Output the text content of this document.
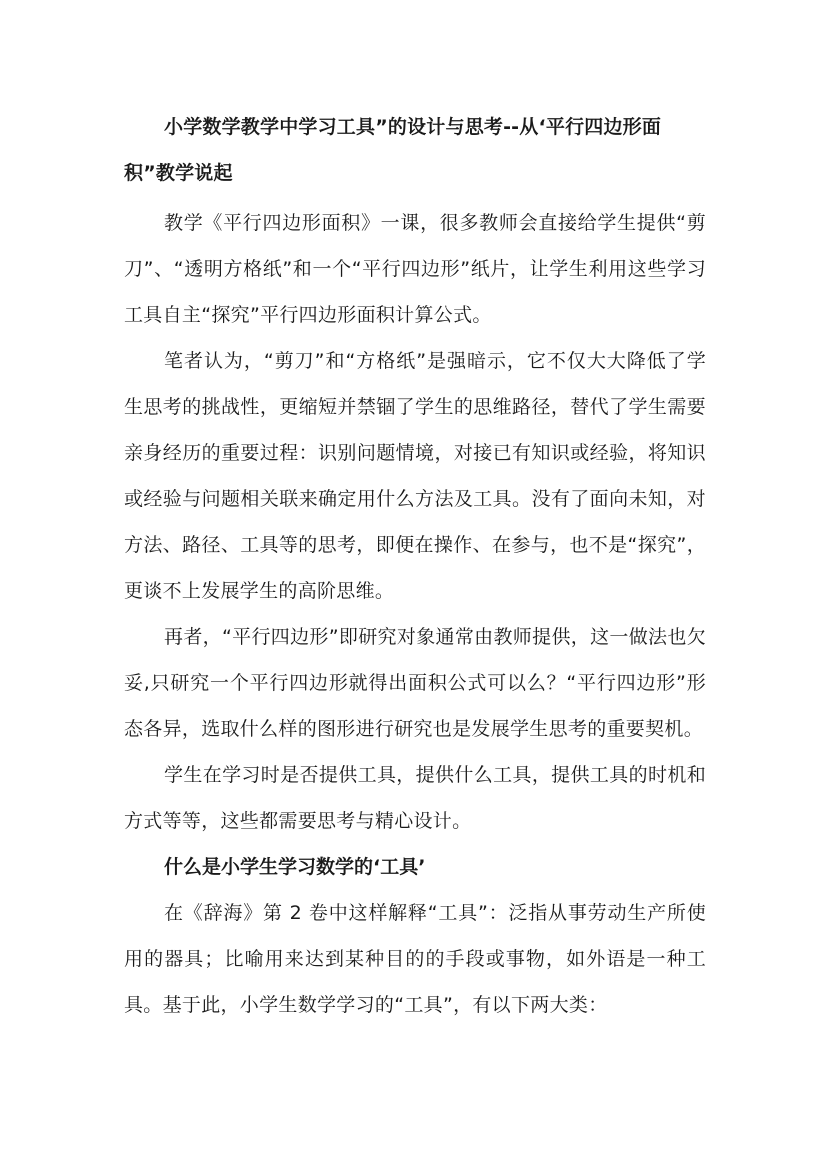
小学数学教学中学习工具”的设计与思考--从‘平行四边形面积”教学说起

教学《平行四边形面积》一课，很多教师会直接给学生提供“剪刀”、“透明方格纸”和一个“平行四边形”纸片，让学生利用这些学习工具自主“探究”平行四边形面积计算公式。

笔者认为，“剪刀”和“方格纸”是强暗示，它不仅大大降低了学生思考的挑战性，更缩短并禁锢了学生的思维路径，替代了学生需要亲身经历的重要过程：识别问题情境，对接已有知识或经验，将知识或经验与问题相关联来确定用什么方法及工具。没有了面向未知，对方法、路径、工具等的思考，即便在操作、在参与，也不是“探究”，更谈不上发展学生的高阶思维。

再者，“平行四边形”即研究对象通常由教师提供，这一做法也欠妥,只研究一个平行四边形就得出面积公式可以么？“平行四边形”形态各异，选取什么样的图形进行研究也是发展学生思考的重要契机。

学生在学习时是否提供工具，提供什么工具，提供工具的时机和方式等等，这些都需要思考与精心设计。

什么是小学生学习数学的‘工具’

在《辞海》第 2 卷中这样解释“工具”：泛指从事劳动生产所使用的器具；比喻用来达到某种目的的手段或事物，如外语是一种工具。基于此，小学生数学学习的“工具”，有以下两大类：
